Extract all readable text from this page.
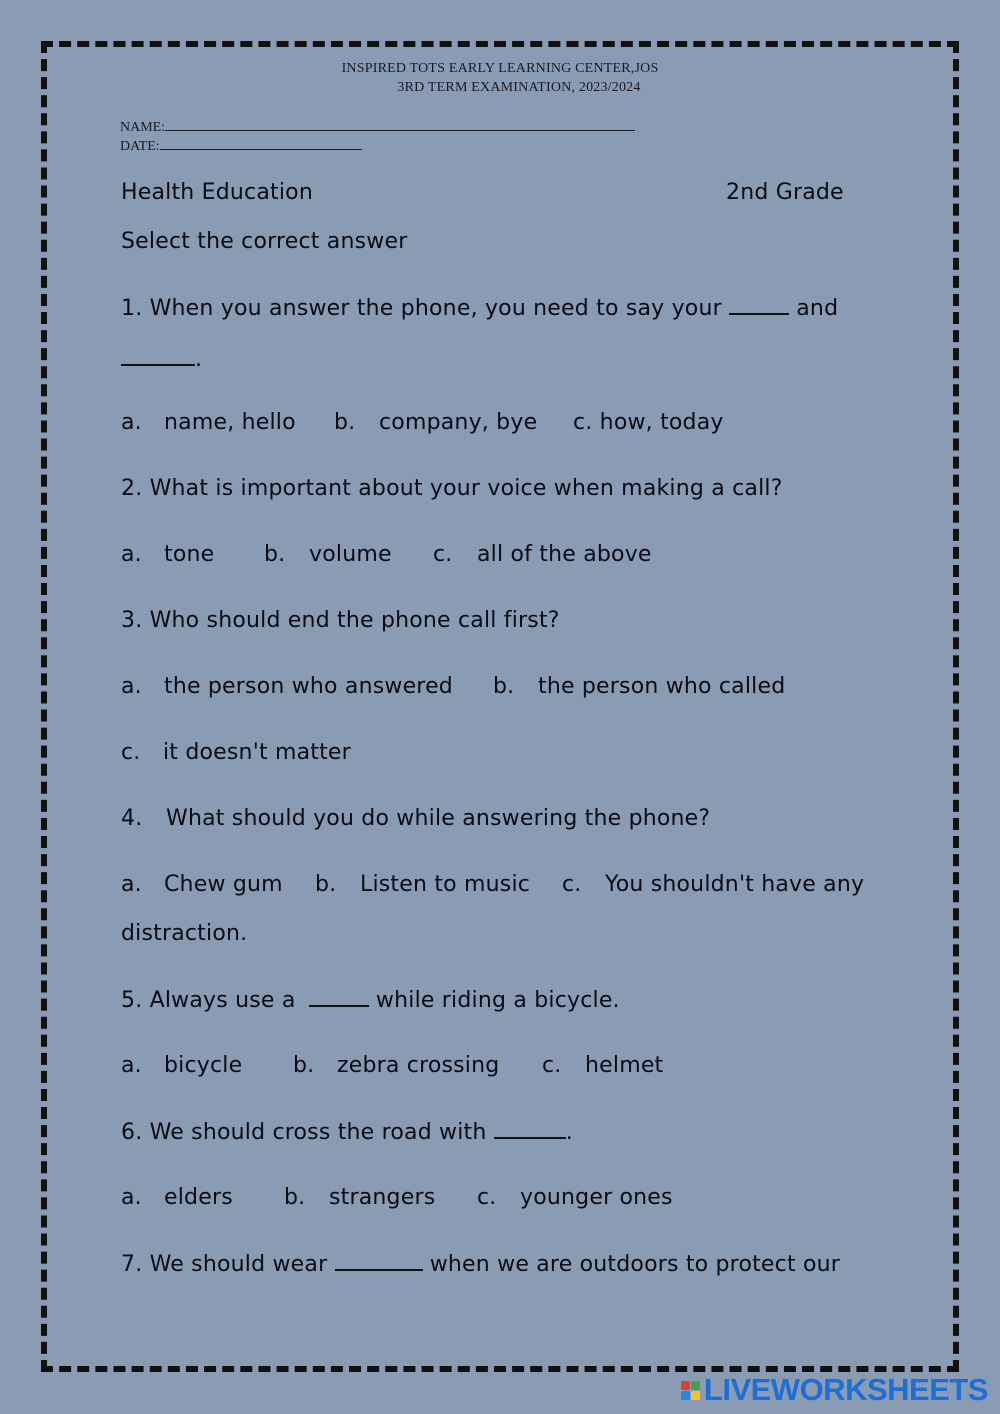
INSPIRED TOTS EARLY LEARNING CENTER,JOS
3RD TERM EXAMINATION, 2023/2024
NAME:
DATE:
Health Education	2nd Grade
Select the correct answer
1. When you answer the phone, you need to say your	and
.
a. name, hello b. company, bye c. how, today
2. What is important about your voice when making a call?
a. tone b. volume c. all of the above
3. Who should end the phone call first?
a. the person who answered b. the person who called
c. it doesn't matter
4. What should you do while answering the phone?
a. Chew gum b. Listen to music c. You shouldn't have any
distraction.
5. Always use a	while riding a bicycle.
a. bicycle b. zebra crossing c. helmet
6. We should cross the road with	.
a. elders b. strangers c. younger ones
7. We should wear	when we are outdoors to protect our
LIVEWORKSHEETS
